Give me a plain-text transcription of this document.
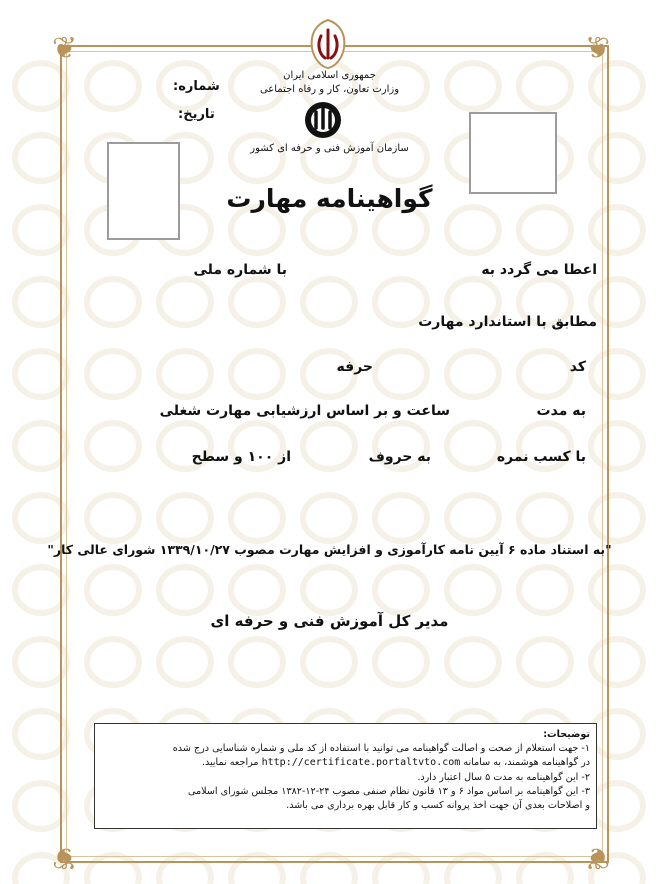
❦	❦
❦	❦
جمهوری اسلامی ایران
وزارت تعاون، کار و رفاه اجتماعی
سازمان آموزش فنی و حرفه ای کشور
شماره:
تاریخ:
گواهینامه مهارت
اعطا می گردد به
با شماره ملی
مطابق با استاندارد مهارت
کد
حرفه
به مدت
ساعت و بر اساس ارزشیابی مهارت شغلی
با کسب نمره
به حروف
از ۱۰۰ و سطح
"به استناد ماده ۶ آیین نامه کارآموزی و افزایش مهارت مصوب ۱۳۳۹/۱۰/۲۷ شورای عالی کار"
مدیر کل آموزش فنی و حرفه ای
توضیحات:
۱- جهت استعلام از صحت و اصالت گواهینامه می توانید با استفاده از کد ملی و شماره شناسایی درج شده
در گواهینامه هوشمند، به سامانه http://certificate.portaltvto.com مراجعه نمایید.
۲- این گواهینامه به مدت ۵ سال اعتبار دارد.
۳- این گواهینامه بر اساس مواد ۶ و ۱۳ قانون نظام صنفی مصوب ۲۴-۱۲-۱۳۸۲ مجلس شورای اسلامی
و اصلاحات بعدی آن جهت اخذ پروانه کسب و کار قابل بهره برداری می باشد.
